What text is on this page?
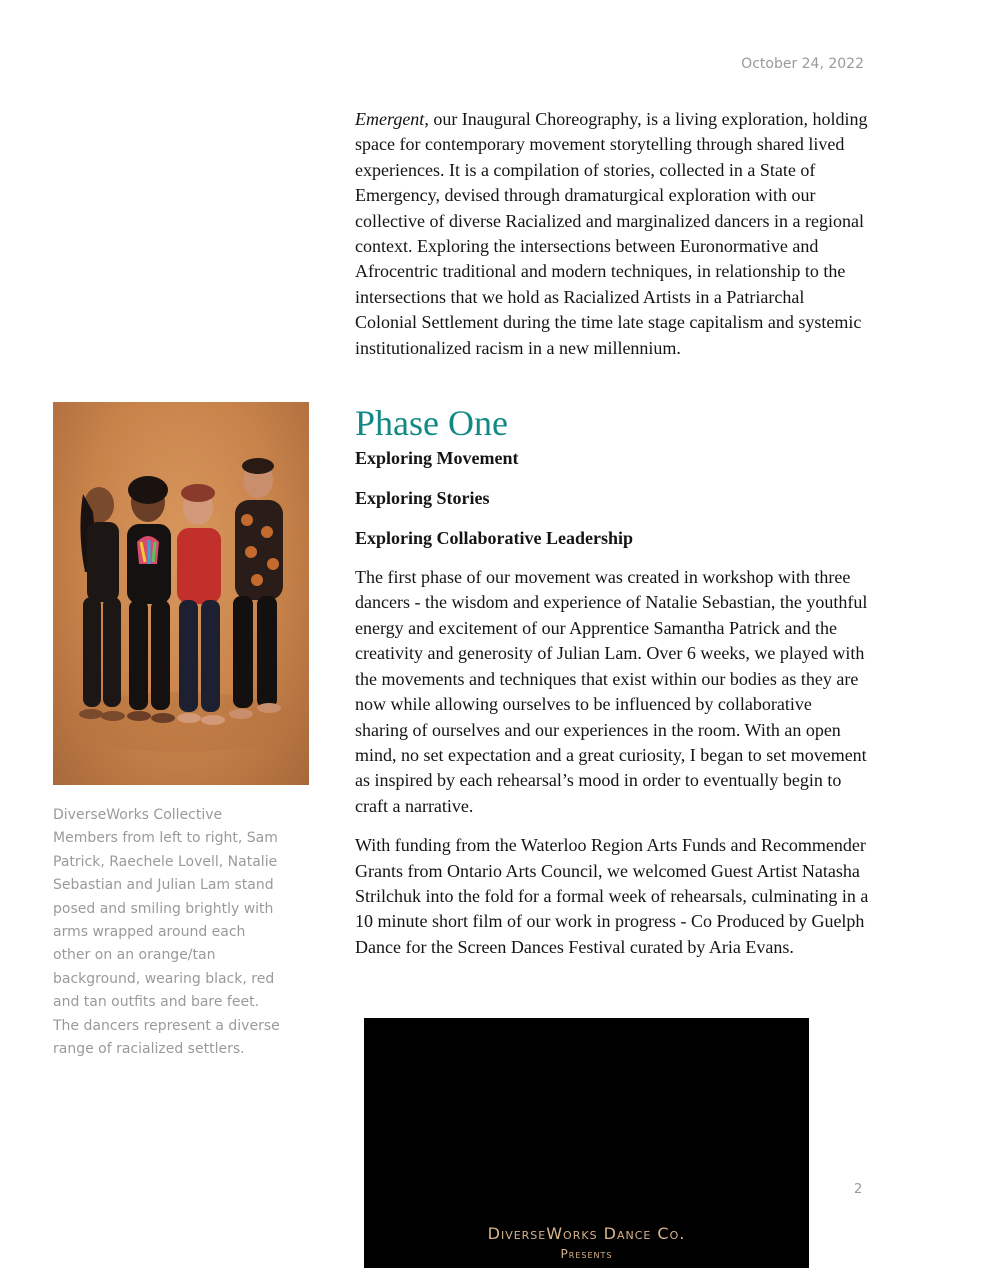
October 24, 2022

Emergent, our Inaugural Choreography, is a living exploration, holding space for contemporary movement storytelling through shared lived experiences. It is a compilation of stories, collected in a State of Emergency, devised through dramaturgical exploration with our collective of diverse Racialized and marginalized dancers in a regional context. Exploring the intersections between Euronormative and Afrocentric traditional and modern techniques, in relationship to the intersections that we hold as Racialized Artists in a Patriarchal Colonial Settlement during the time late stage capitalism and systemic institutionalized racism in a new millennium.

Phase One

Exploring Movement

Exploring Stories

Exploring Collaborative Leadership

The first phase of our movement was created in workshop with three dancers - the wisdom and experience of Natalie Sebastian, the youthful energy and excitement of our Apprentice Samantha Patrick and the creativity and generosity of Julian Lam. Over 6 weeks, we played with the movements and techniques that exist within our bodies as they are now while allowing ourselves to be influenced by collaborative sharing of ourselves and our experiences in the room. With an open mind, no set expectation and a great curiosity, I began to set movement as inspired by each rehearsal’s mood in order to eventually begin to craft a narrative.

With funding from the Waterloo Region Arts Funds and Recommender Grants from Ontario Arts Council, we welcomed Guest Artist Natasha Strilchuk into the fold for a formal week of rehearsals, culminating in a 10 minute short film of our work in progress - Co Produced by Guelph Dance for the Screen Dances Festival curated by Aria Evans.

DiverseWorks Collective Members from left to right, Sam Patrick, Raechele Lovell, Natalie Sebastian and Julian Lam stand posed and smiling brightly with arms wrapped around each other on an orange/tan background, wearing black, red and tan outfits and bare feet. The dancers represent a diverse range of racialized settlers.
DiverseWorks Dance Co.
Presents
2
